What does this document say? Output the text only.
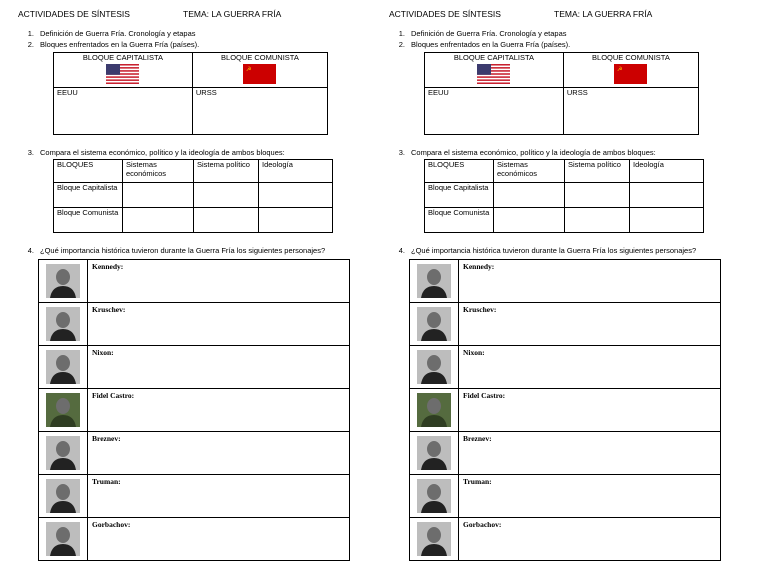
ACTIVIDADES DE SÍNTESIS	TEMA: LA GUERRA FRÍA
1. Definición de Guerra Fría. Cronología y etapas
2. Bloques enfrentados en la Guerra Fría (países).
BLOQUE CAPITALISTA	BLOQUE COMUNISTA
☭

EEUU	URSS
3. Compara el sistema económico, político y la ideología de ambos bloques:
BLOQUES	Sistemas económicos	Sistema político	Ideología
Bloque Capitalista			
Bloque Comunista			
4. ¿Qué importancia histórica tuvieron durante la Guerra Fría los siguientes personajes?
	Kennedy:
	Kruschev:
	Nixon:
	Fidel Castro:
	Breznev:
	Truman:
	Gorbachov:
ACTIVIDADES DE SÍNTESIS	TEMA: LA GUERRA FRÍA
1. Definición de Guerra Fría. Cronología y etapas
2. Bloques enfrentados en la Guerra Fría (países).
BLOQUE CAPITALISTA	BLOQUE COMUNISTA
☭

EEUU	URSS
3. Compara el sistema económico, político y la ideología de ambos bloques:
BLOQUES	Sistemas económicos	Sistema político	Ideología
Bloque Capitalista			
Bloque Comunista			
4. ¿Qué importancia histórica tuvieron durante la Guerra Fría los siguientes personajes?
	Kennedy:
	Kruschev:
	Nixon:
	Fidel Castro:
	Breznev:
	Truman:
	Gorbachov:
